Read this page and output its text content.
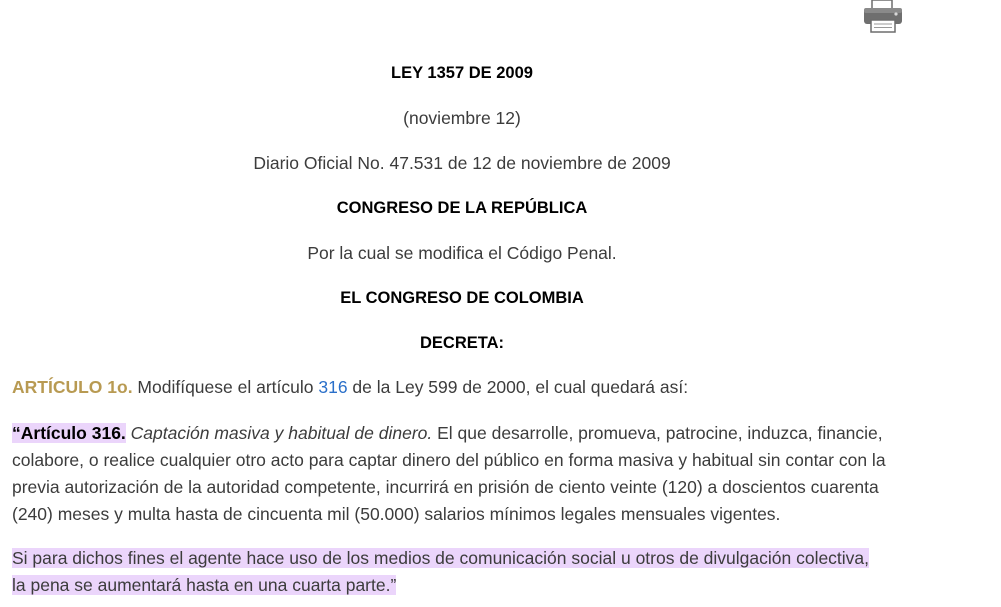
LEY 1357 DE 2009
(noviembre 12)
Diario Oficial No. 47.531 de 12 de noviembre de 2009
CONGRESO DE LA REPÚBLICA
Por la cual se modifica el Código Penal.
EL CONGRESO DE COLOMBIA
DECRETA:
ARTÍCULO 1o. Modifíquese el artículo 316 de la Ley 599 de 2000, el cual quedará así:
“Artículo 316. Captación masiva y habitual de dinero. El que desarrolle, promueva, patrocine, induzca, financie,
colabore, o realice cualquier otro acto para captar dinero del público en forma masiva y habitual sin contar con la
previa autorización de la autoridad competente, incurrirá en prisión de ciento veinte (120) a doscientos cuarenta
(240) meses y multa hasta de cincuenta mil (50.000) salarios mínimos legales mensuales vigentes.
Si para dichos fines el agente hace uso de los medios de comunicación social u otros de divulgación colectiva,
la pena se aumentará hasta en una cuarta parte.”
